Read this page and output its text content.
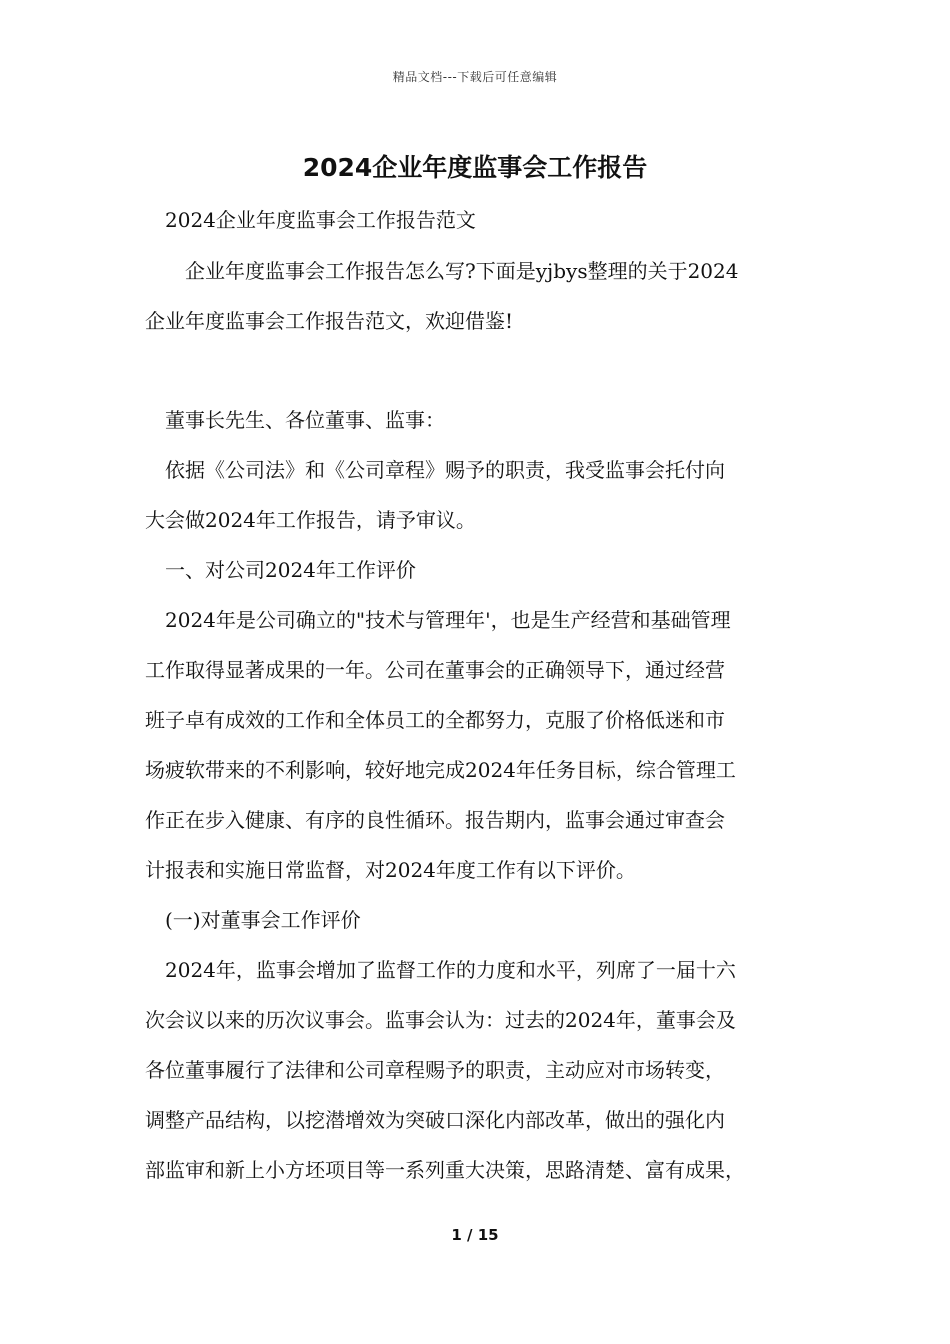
精品文档---下载后可任意编辑
2024企业年度监事会工作报告
2024企业年度监事会工作报告范文
企业年度监事会工作报告怎么写?下面是yjbys整理的关于2024
企业年度监事会工作报告范文，欢迎借鉴!
董事长先生、各位董事、监事：
依据《公司法》和《公司章程》赐予的职责，我受监事会托付向
大会做2024年工作报告，请予审议。
一、对公司2024年工作评价
2024年是公司确立的"技术与管理年'，也是生产经营和基础管理
工作取得显著成果的一年。公司在董事会的正确领导下，通过经营
班子卓有成效的工作和全体员工的全都努力，克服了价格低迷和市
场疲软带来的不利影响，较好地完成2024年任务目标，综合管理工
作正在步入健康、有序的良性循环。报告期内，监事会通过审查会
计报表和实施日常监督，对2024年度工作有以下评价。
(一)对董事会工作评价
2024年，监事会增加了监督工作的力度和水平，列席了一届十六
次会议以来的历次议事会。监事会认为：过去的2024年，董事会及
各位董事履行了法律和公司章程赐予的职责，主动应对市场转变，
调整产品结构，以挖潜增效为突破口深化内部改革，做出的强化内
部监审和新上小方坯项目等一系列重大决策，思路清楚、富有成果，
1 / 15
